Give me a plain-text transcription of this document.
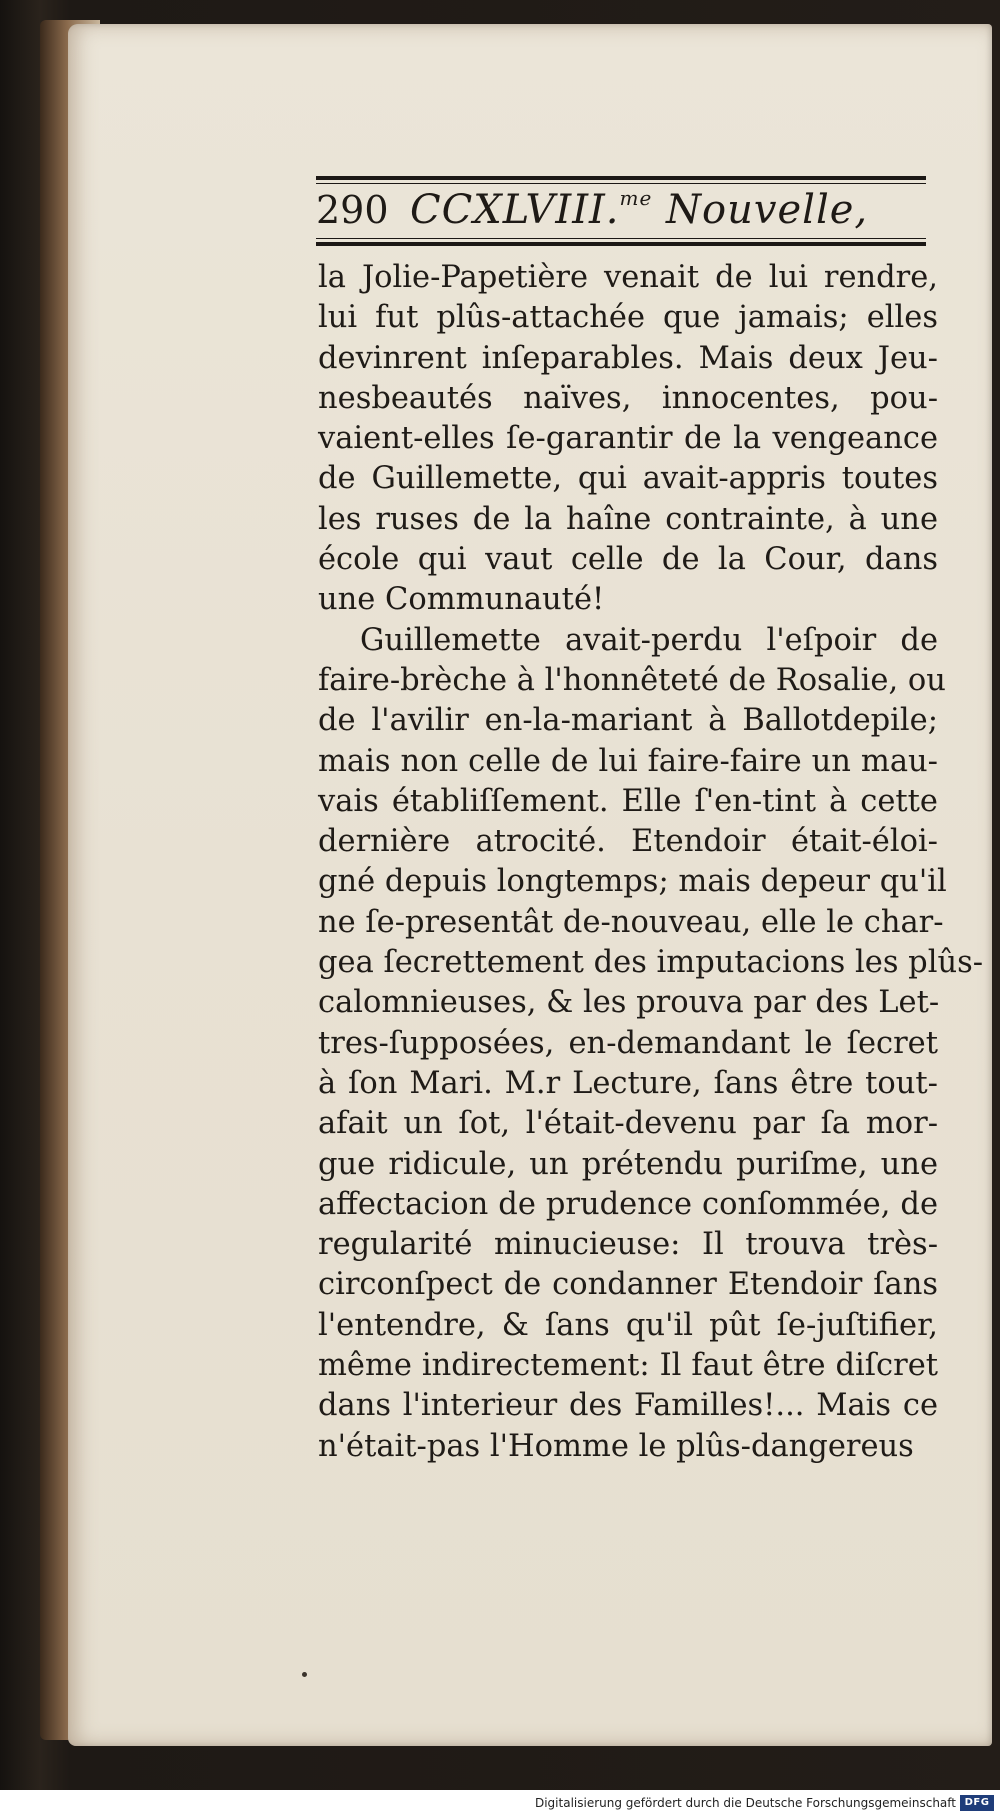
290 CCXLVIII.$^{me}$ Nouvelle,
la Jolie-Papetière venait de lui rendre,
lui fut plûs-attachée que jamais; elles
devinrent inſeparables. Mais deux Jeu-
nesbeautés naïves, innocentes, pou-
vaient-elles ſe-garantir de la vengeance
de Guillemette, qui avait-appris toutes
les ruses de la haîne contrainte, à une
école qui vaut celle de la Cour, dans
une Communauté!
Guillemette avait-perdu l'eſpoir de
faire-brèche à l'honnêteté de Rosalie, ou
de l'avilir en-la-mariant à Ballotdepile;
mais non celle de lui faire-faire un mau-
vais établiſſement. Elle ſ'en-tint à cette
dernière atrocité. Etendoir était-éloi-
gné depuis longtemps; mais depeur qu'il
ne ſe-presentât de-nouveau, elle le char-
gea ſecrettement des imputacions les plûs-
calomnieuses, & les prouva par des Let-
tres-ſupposées, en-demandant le ſecret
à ſon Mari. M.r Lecture, ſans être tout-
afait un ſot, l'était-devenu par ſa mor-
gue ridicule, un prétendu puriſme, une
affectacion de prudence conſommée, de
regularité minucieuse: Il trouva très-
circonſpect de condanner Etendoir ſans
l'entendre, & ſans qu'il pût ſe-juſtifier,
même indirectement: Il faut être diſcret
dans l'interieur des Familles!... Mais ce
n'était-pas l'Homme le plûs-dangereus
Digitalisierung gefördert durch die Deutsche Forschungsgemeinschaft DFG
